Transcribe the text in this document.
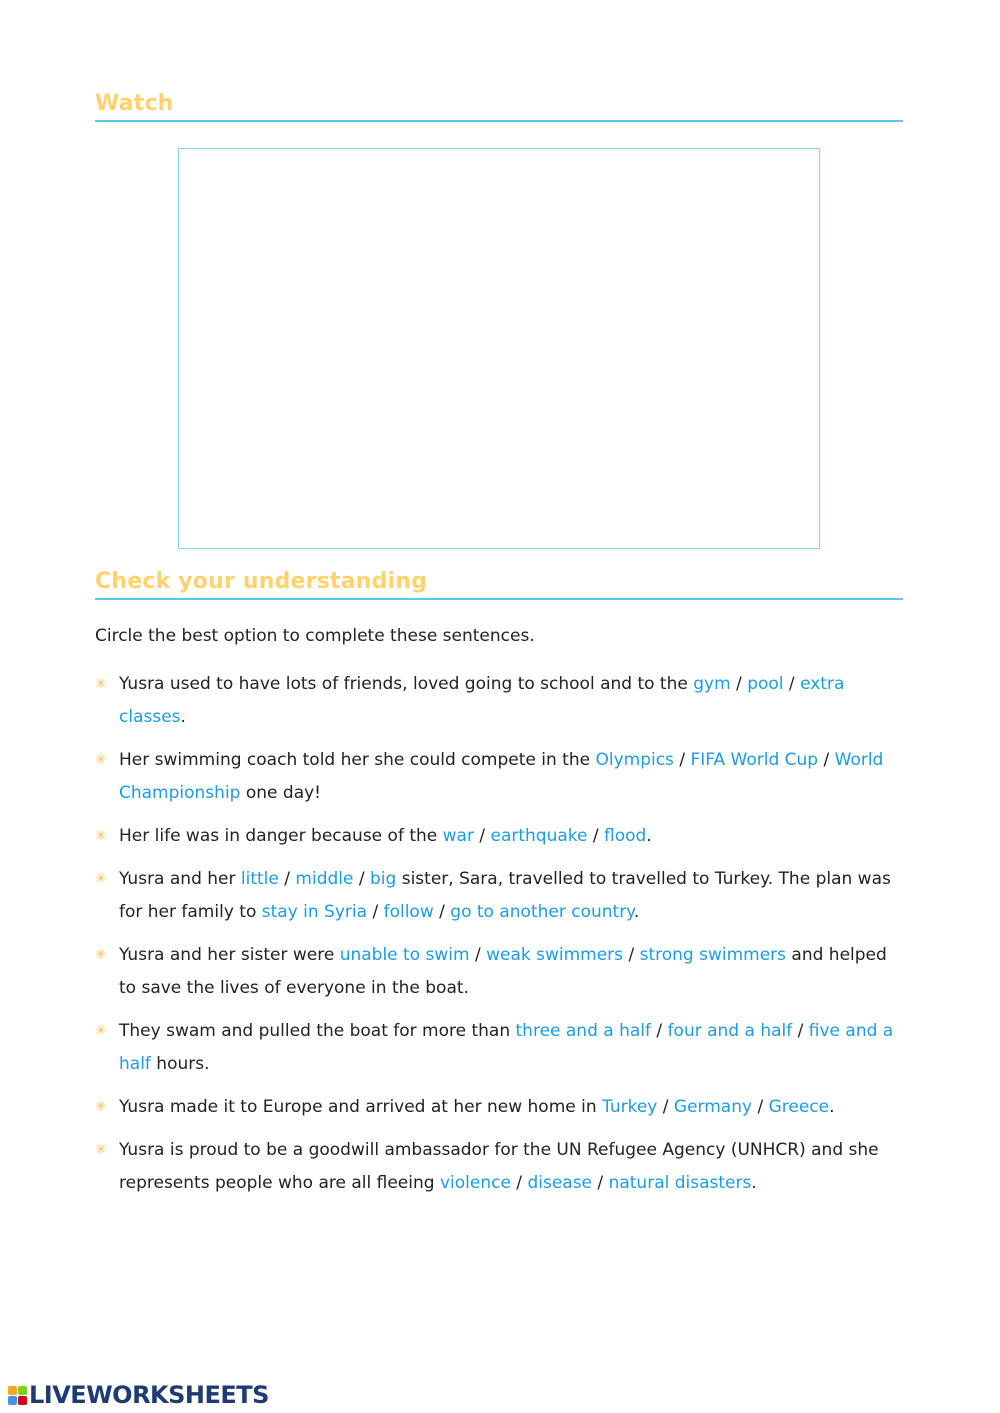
Watch
Check your understanding
Circle the best option to complete these sentences.
✳ Yusra used to have lots of friends, loved going to school and to the gym / pool / extra classes.
✳ Her swimming coach told her she could compete in the Olympics / FIFA World Cup / World Championship one day!
✳ Her life was in danger because of the war / earthquake / flood.
✳ Yusra and her little / middle / big sister, Sara, travelled to travelled to Turkey. The plan was for her family to stay in Syria / follow / go to another country.
✳ Yusra and her sister were unable to swim / weak swimmers / strong swimmers and helped to save the lives of everyone in the boat.
✳ They swam and pulled the boat for more than three and a half / four and a half / five and a half hours.
✳ Yusra made it to Europe and arrived at her new home in Turkey / Germany / Greece.
✳ Yusra is proud to be a goodwill ambassador for the UN Refugee Agency (UNHCR) and she represents people who are all fleeing violence / disease / natural disasters.
LIVEWORKSHEETS
